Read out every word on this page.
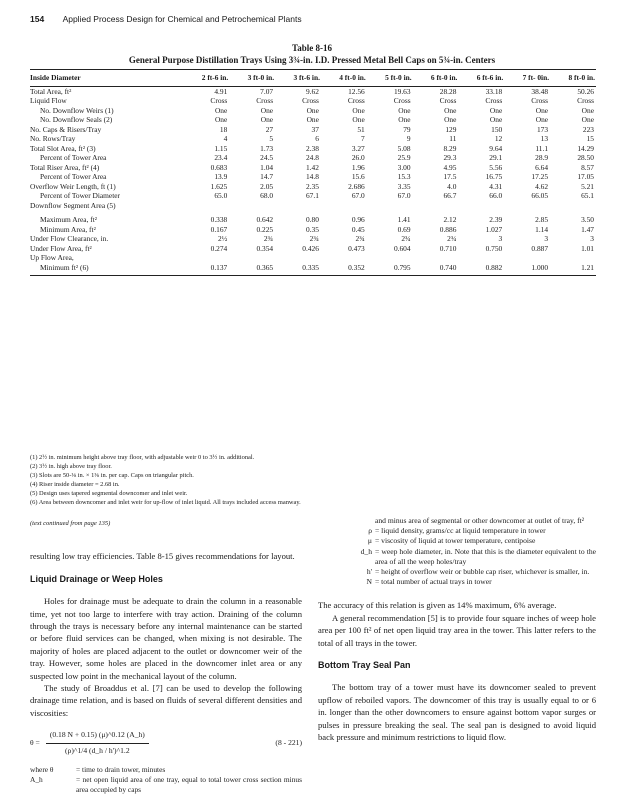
154 Applied Process Design for Chemical and Petrochemical Plants
Table 8-16
General Purpose Distillation Trays Using 3¾-in. I.D. Pressed Metal Bell Caps on 5¾-in. Centers
Inside Diameter	2 ft-6 in.	3 ft-0 in.	3 ft-6 in.	4 ft-0 in.	5 ft-0 in.	6 ft-0 in.	6 ft-6 in.	7 ft- 0in.	8 ft-0 in.
Total Area, ft²	4.91	7.07	9.62	12.56	19.63	28.28	33.18	38.48	50.26
Liquid Flow	Cross	Cross	Cross	Cross	Cross	Cross	Cross	Cross	Cross
No. Downflow Weirs (1)	One	One	One	One	One	One	One	One	One
No. Downflow Seals (2)	One	One	One	One	One	One	One	One	One
No. Caps & Risers/Tray	18	27	37	51	79	129	150	173	223
No. Rows/Tray	4	5	6	7	9	11	12	13	15
Total Slot Area, ft² (3)	1.15	1.73	2.38	3.27	5.08	8.29	9.64	11.1	14.29
Percent of Tower Area	23.4	24.5	24.8	26.0	25.9	29.3	29.1	28.9	28.50
Total Riser Area, ft² (4)	0.683	1.04	1.42	1.96	3.00	4.95	5.56	6.64	8.57
Percent of Tower Area	13.9	14.7	14.8	15.6	15.3	17.5	16.75	17.25	17.05
Overflow Weir Length, ft (1)	1.625	2.05	2.35	2.686	3.35	4.0	4.31	4.62	5.21
Percent of Tower Diameter	65.0	68.0	67.1	67.0	67.0	66.7	66.0	66.05	65.1
Downflow Segment Area (5)									
Maximum Area, ft²	0.338	0.642	0.80	0.96	1.41	2.12	2.39	2.85	3.50
Minimum Area, ft²	0.167	0.225	0.35	0.45	0.69	0.886	1.027	1.14	1.47
Under Flow Clearance, in.	2½	2¾	2¾	2¾	2¾	2¾	3	3	3
Under Flow Area, ft²	0.274	0.354	0.426	0.473	0.604	0.710	0.750	0.887	1.01
Up Flow Area,									
Minimum ft² (6)	0.137	0.365	0.335	0.352	0.795	0.740	0.882	1.000	1.21
(1) 2½ in. minimum height above tray floor, with adjustable weir 0 to 3½ in. additional.
(2) 3½ in. high above tray floor.
(3) Slots are 50-⅛ in. × 1⅜ in. per cap. Caps on triangular pitch.
(4) Riser inside diameter = 2.68 in.
(5) Design uses tapered segmental downcomer and inlet weir.
(6) Area between downcomer and inlet weir for up-flow of inlet liquid. All trays included access manway.

(text continued from page 135)

resulting low tray efficiencies. Table 8-15 gives recommendations for layout.

Liquid Drainage or Weep Holes

Holes for drainage must be adequate to drain the column in a reasonable time, yet not too large to interfere with tray action. Draining of the column through the trays is necessary before any internal maintenance can be started or before fluid services can be changed, when mixing is not desirable. The majority of holes are placed adjacent to the outlet or downcomer weir of the tray. However, some holes are placed in the downcomer inlet area or any suspected low point in the mechanical layout of the column.

The study of Broaddus et al. [7] can be used to develop the following drainage time relation, and is based on fluids of several different densities and viscosities:

$\theta = \frac{(0.18 N + 0.15) (\mu)\^{}0.12 (A\_h)}{(\rho)\^{}1/4 (d\_h / h')\^{}1.2}$	(8 - 221)
where θ	= time to drain tower, minutes
A_h	= net open liquid area of one tray, equal to total tower cross section minus area occupied by caps
and minus area of segmental or other downcomer at outlet of tray, ft²
ρ = liquid density, grams/cc at liquid temperature in tower
μ = viscosity of liquid at tower temperature, centipoise
d_h = weep hole diameter, in. Note that this is the diameter equivalent to the area of all the weep holes/tray
h' = height of overflow weir or bubble cap riser, whichever is smaller, in.
N = total number of actual trays in tower

The accuracy of this relation is given as 14% maximum, 6% average.

A general recommendation [5] is to provide four square inches of weep hole area per 100 ft² of net open liquid tray area in the tower. This latter refers to the total of all trays in the tower.

Bottom Tray Seal Pan

The bottom tray of a tower must have its downcomer sealed to prevent upflow of reboiled vapors. The downcomer of this tray is usually equal to or 6 in. longer than the other downcomers to ensure against bottom vapor surges or pulses in pressure breaking the seal. The seal pan is designed to avoid liquid back pressure and minimum restrictions to liquid flow.
